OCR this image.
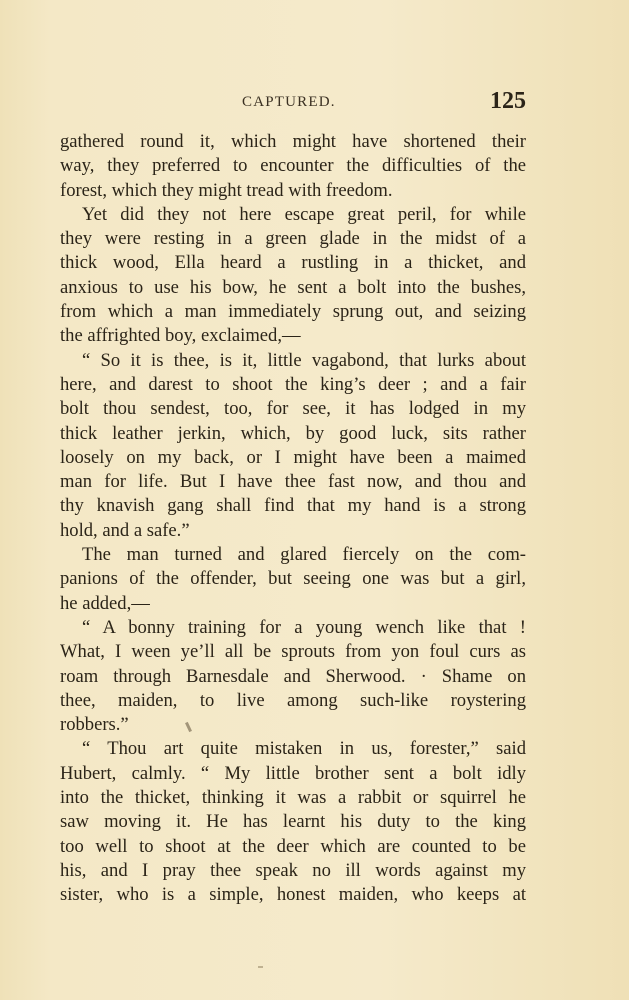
CAPTURED.	125
gathered round it, which might have shortened their
way, they preferred to encounter the difficulties of the
forest, which they might tread with freedom.
Yet did they not here escape great peril, for while
they were resting in a green glade in the midst of a
thick wood, Ella heard a rustling in a thicket, and
anxious to use his bow, he sent a bolt into the bushes,
from which a man immediately sprung out, and seizing
the affrighted boy, exclaimed,—
“ So it is thee, is it, little vagabond, that lurks about
here, and darest to shoot the king’s deer ; and a fair
bolt thou sendest, too, for see, it has lodged in my
thick leather jerkin, which, by good luck, sits rather
loosely on my back, or I might have been a maimed
man for life. But I have thee fast now, and thou and
thy knavish gang shall find that my hand is a strong
hold, and a safe.”
The man turned and glared fiercely on the com-
panions of the offender, but seeing one was but a girl,
he added,—
“ A bonny training for a young wench like that !
What, I ween ye’ll all be sprouts from yon foul curs as
roam through Barnesdale and Sherwood. · Shame on
thee, maiden, to live among such-like roystering
robbers.”
“ Thou art quite mistaken in us, forester,” said
Hubert, calmly. “ My little brother sent a bolt idly
into the thicket, thinking it was a rabbit or squirrel he
saw moving it. He has learnt his duty to the king
too well to shoot at the deer which are counted to be
his, and I pray thee speak no ill words against my
sister, who is a simple, honest maiden, who keeps at
